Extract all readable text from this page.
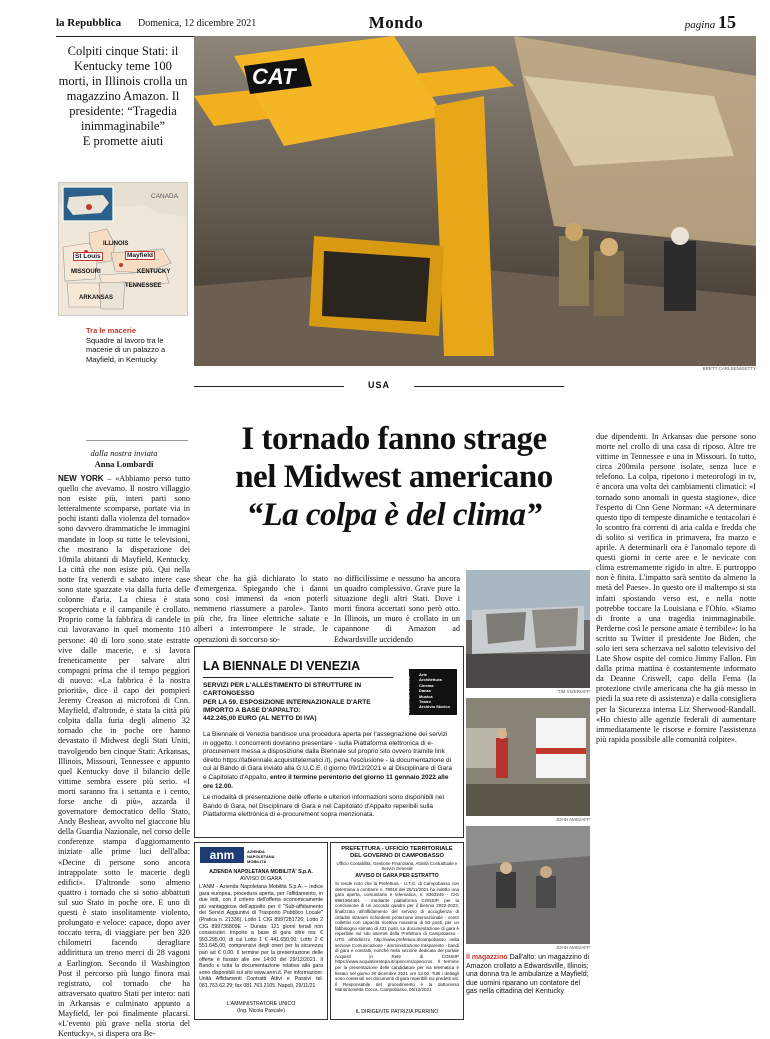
la Repubblica Domenica, 12 dicembre 2021	Mondo	pagina 15
Colpiti cinque Stati: il Kentucky teme 100 morti, in Illinois crolla un magazzino Amazon. Il presidente: “Tragedia inimmaginabile”
E promette aiuti
CANADA
ILLINOIS
St Louis	Mayfield
MISSOURI	KENTUCKY
TENNESSEE
ARKANSAS
Tra le macerie
Squadre al lavoro tra le macerie di un palazzo a Mayfield, in Kentucky
CAT
BRETT CARLSEN/GETTY
USA
I tornado fanno strage
nel Midwest americano
“La colpa è del clima”
dalla nostra inviata
Anna Lombardi
NEW YORK – «Abbiamo perso tutto quello che avevamo. Il nostro villaggio non esiste più, interi parti sono letteralmente scomparse, portate via in pochi istanti dalla violenza del tornado» sono davvero drammatiche le immagini mandate in loop su tutte le televisioni, che mostrano la disperazione dei 10mila abitanti di Mayfield, Kentucky. La città che non esiste più. Qui nella notte fra venerdi e sabato intere case sono state spazzate via dalla furia delle colonne d'aria. La chiesa è stata scoperchiata e il campanile è crollato. Proprio come la fabbrica di candele in cui lavoravano in quel momento 110 persone: 40 di loro sono state estratte vive dalle macerie, e si lavora freneticamente per salvare altri compagni prima che il tempo peggiori di nuovo: «La fabbrica è la nostra priorità», dice il capo dei pompieri Jeremy Creason ai microfoni di Cnn. Mayfield, d'altronde, è stata la città più colpita dalla furia degli almeno 32 tornado che in poche ore hanno devastato il Midwest degli Stati Uniti, travolgendo ben cinque Stati: Arkansas, Illinois, Missouri, Tennessee e appunto quel Kentucky dove il bilancio delle vittime sembra essere più serio. «I morti saranno fra i settanta e i cento, forse anche di più», azzarda il governatore democratico dello Stato, Andy Beshear, avvolto nel giaccone blu della Guardia Nazionale, nel corso delle conferenze stampa d'aggiornamento iniziate alle prime luci dell'alba: «Decine di persone sono ancora intrappolate sotto le macerie degli edifici». D'altronde sono almeno quattro i tornado che si sono abbattuti sul suo Stato in poche ore. E uno di questi è stato insolitamente violento, prolungato e veloce: capace, dopo aver toccato terra, di viaggiare per ben 320 chilometri facendo deragliare addirittura un treno merci di 28 vagoni a Earlington. Secondo il Washington Post il percorso più lungo finora mai registrato, col tornado che ha attraversato quattro Stati per intero: nati in Arkansas e culminato appunto a Mayfield, ler poi finalmente placarsi. «L'evento più grave nella storia del Kentucky», si dispera ora Be-
shear che ha già dichiarato lo stato d'emergenza. Spiegando che i danni sono cosi immensi da «non poterli nemmeno riassumere a parole». Tanto più che, fra linee elettriche saltate e alberi a interrompere le strade, le operazioni di soccorso so-
no difficilissime e nessuno ha ancora un quadro complessivo. Grave pure la situazione degli altri Stati. Dove i morti finora accertati sono però otto. In Illinois, un muro è crollato in un capannone di Amazon ad Edwardsville uccidendo
due dipendenti. In Arkansas due persone sono morte nel crollo di una casa di riposo. Altre tre vittime in Tennessee e una in Missouri. In tutto, circa 200mila persone isolate, senza luce e telefono. La colpa, ripetono i meteorologi in tv, è ancora una volta dei cambiamenti climatici: «I tornado sono anomali in questa stagione», dice l'esperto di Cnn Gene Norman: «A determinare questo tipo di tempeste dinamiche e tentacolari è lo scontro fra correnti di aria calda e fredda che di solito si verifica in primavera, fra marzo e aprile. A determinarli ora è l'anomalo tepore di questi giorni in certe aree e le nevicate con clima estremamente rigido in altre. E purtroppo non è finita. L'impatto sarà sentito da almeno la metà del Paese». In questo ore il maltempo si sta infatti spostando verso est, e nella notte potrebbe toccare la Louisiana e l'Ohio. «Siamo di fronte a una tragedia inimmaginabile. Perderne così le persone amate è terribile»: lo ha scritto su Twitter il presidente Joe Biden, che solo ieri sera scherzava nel salotto televisivo del Late Show ospite del comico Jimmy Fallon. Fin dalla prima mattina è costantemente informato da Deanne Criswell, capo della Fema (la protezione civile americana che ha già messo in piedi la sua rete di assistenza) e dalla consigliera per la Sicurezza interna Liz Sherwood-Randall. «Ho chiesto alle agenzie federali di aumentare immediatamente le risorse e fornire l'assistenza più rapida possibile alle comunità colpite».
LA BIENNALE DI VENEZIA
SERVIZI PER L'ALLESTIMENTO DI STRUTTURE IN CARTONGESSO
PER LA 59. ESPOSIZIONE INTERNAZIONALE D'ARTE
IMPORTO A BASE D'APPALTO:
442.245,00 EURO (AL NETTO DI IVA)
La Biennale di Venezia
Arte
Architettura
Cinema
Danza
Musica
Teatro
Archivio Storico
La Biennale di Venezia bandisce una procedura aperta per l'assegnazione dei servizi in oggetto. I concorrenti dovranno presentare - sulla Piattaforma elettronica di e-procurement messa a disposizione dalla Biennale sul proprio sito ovvero tramite link diretto https://labiennale.acquistitelematici.it), pena l'esclusione - la documentazione di cui al Bando di Gara inviato alla G.U.C.E. il giorno 09/12/2021 e al Disciplinare di Gara e Capitolato d'Appalto, entro il termine perentorio del giorno 11 gennaio 2022 alle ore 12.00.
Le modalità di presentazione delle offerte e ulteriori informazioni sono disponibili nel Bando di Gara, nel Disciplinare di Gara e nel Capitolato d'Appalto reperibili sulla Piattaforma elettronica di e-procurement sopra menzionata.
anm	AZIENDA NAPOLETANA MOBILITÀ
AZIENDA NAPOLETANA MOBILITÀ' S.p.A.
AVVISO DI GARA
L'ANM - Azienda Napoletana Mobilità S.p.A. – indice gara europea, procedura aperta, per l'affidamento, in due lotti, con il criterio dell'offerta economicamente più vantaggiosa dell'appalto per il "Sub-affidamento dei Servizi Aggiuntivi di Trasporto Pubblico Locale" (Pratica n. 21336). Lotto 1 CIG 8997281726; Lotto 2 CIG 899736809E – Durata: 121 giorni feriali non consecutivi. Importo a base di gara oltre iva: € 993.295,00, di cui Lotto 1 € 441.650,00; Lotto 2 € 551.645,00, comprensivi degli oneri per la sicurezza pari ad € 0,00. Il termine per la presentazione delle offerte è fissato alle ore 14:00 del 29/12/2021. Il Bando e tutta la documentazione relativa alla gara sono disponibili sul sito www.anm.it. Per informazioni: Unità Affidamenti Contratti Attivi e Passivi tel. 081.763.62.29; fax 081.763.2105. Napoli, 29/11/21
L'AMMINISTRATORE UNICO
(Ing. Nicola Pascale)
PREFETTURA - UFFICIO TERRITORIALE DEL GOVERNO DI CAMPOBASSO
Ufficio Contabilità, Gestione Finanziaria, Attività Contrattuale e Servizi Generali
AVVISO DI GARA PER ESTRATTO
Si rende noto che la Prefettura - U.T.G. di Campobasso con determina a contrarre n. 78916 del 25/11/2021 ha indetto una gara aperta, comunitaria e telematica, n. 8363246 - CIG 8981964361 - mediante piattaforma CONSIP, per la conclusione di un accordo quadro per il biennio 2022-2023, finalizzato all'affidamento del servizio di accoglienza di cittadini stranieri richiedenti protezione internazionale - centri collettivi con capacità ricettiva massima di 50 posti, per un fabbisogno stimato di 431 posti. La documentazione di gara è reperibile sul sito internet della Prefettura di Campobasso - UTG all'indirizzo http://www.prefettura.it/campobasso nella sezione Comunicazione - amministrazione trasparente - bandi di gara e contratti, nonché nella sezione dedicata del portale Acquisti in Rete di CONSIP https://www.acquistinretepa.it/opencms/opencms. Il termine per la presentazione delle candidature per via telematica è fissato nel giorno 30 dicembre 2021 ore 13.00. Tutti i dettagli sono contenuti nei documenti di gara reperibili sui predetti siti. Il Responsabile del procedimento è la dottoressa Mariantonietta Cocca. Campobasso, 06/12/2021
IL DIRIGENTE PATRIZIA PERRINO
TIM VIZER/AFP
JOHN AMIS/AFP
JOHN AMIS/AFP
Il magazzino Dall'alto: un magazzino di Amazon crollato a Edwardsville, Illinois; una donna tra le ambulanze a Mayfield; due uomini riparano un contatore del gas nella cittadina del Kentucky
